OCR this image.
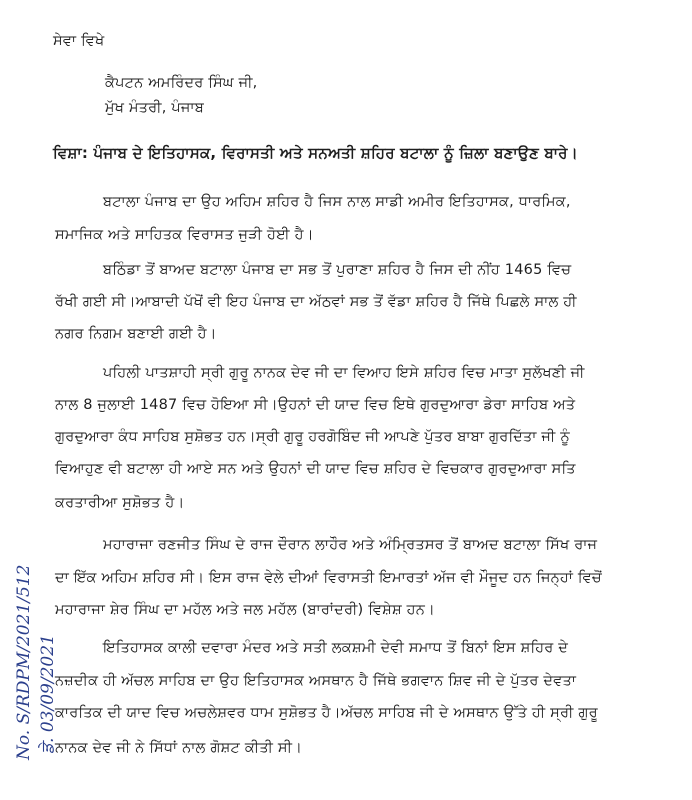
ਸੇਵਾ ਵਿਖੇ
ਕੈਪਟਨ ਅਮਰਿੰਦਰ ਸਿੰਘ ਜੀ,
ਮੁੱਖ ਮੰਤਰੀ, ਪੰਜਾਬ
ਵਿਸ਼ਾ: ਪੰਜਾਬ ਦੇ ਇਤਿਹਾਸਕ, ਵਿਰਾਸਤੀ ਅਤੇ ਸਨਅਤੀ ਸ਼ਹਿਰ ਬਟਾਲਾ ਨੂੰ ਜ਼ਿਲਾ ਬਣਾਉਣ ਬਾਰੇ।
ਬਟਾਲਾ ਪੰਜਾਬ ਦਾ ਉਹ ਅਹਿਮ ਸ਼ਹਿਰ ਹੈ ਜਿਸ ਨਾਲ ਸਾਡੀ ਅਮੀਰ ਇਤਿਹਾਸਕ, ਧਾਰਮਿਕ,
ਸਮਾਜਿਕ ਅਤੇ ਸਾਹਿਤਕ ਵਿਰਾਸਤ ਜੁੜੀ ਹੋਈ ਹੈ।
ਬਠਿੰਡਾ ਤੋਂ ਬਾਅਦ ਬਟਾਲਾ ਪੰਜਾਬ ਦਾ ਸਭ ਤੋਂ ਪੁਰਾਣਾ ਸ਼ਹਿਰ ਹੈ ਜਿਸ ਦੀ ਨੀਂਹ 1465 ਵਿਚ
ਰੱਖੀ ਗਈ ਸੀ।ਆਬਾਦੀ ਪੱਖੋਂ ਵੀ ਇਹ ਪੰਜਾਬ ਦਾ ਅੱਠਵਾਂ ਸਭ ਤੋਂ ਵੱਡਾ ਸ਼ਹਿਰ ਹੈ ਜਿੱਥੇ ਪਿਛਲੇ ਸਾਲ ਹੀ
ਨਗਰ ਨਿਗਮ ਬਣਾਈ ਗਈ ਹੈ।
ਪਹਿਲੀ ਪਾਤਸ਼ਾਹੀ ਸ੍ਰੀ ਗੁਰੂ ਨਾਨਕ ਦੇਵ ਜੀ ਦਾ ਵਿਆਹ ਇਸੇ ਸ਼ਹਿਰ ਵਿਚ ਮਾਤਾ ਸੁਲੱਖਣੀ ਜੀ
ਨਾਲ 8 ਜੁਲਾਈ 1487 ਵਿਚ ਹੋਇਆ ਸੀ।ਉਹਨਾਂ ਦੀ ਯਾਦ ਵਿਚ ਇਥੇ ਗੁਰਦੁਆਰਾ ਡੇਰਾ ਸਾਹਿਬ ਅਤੇ
ਗੁਰਦੁਆਰਾ ਕੰਧ ਸਾਹਿਬ ਸੁਸ਼ੋਭਤ ਹਨ।ਸ੍ਰੀ ਗੁਰੂ ਹਰਗੋਬਿੰਦ ਜੀ ਆਪਣੇ ਪੁੱਤਰ ਬਾਬਾ ਗੁਰਦਿੱਤਾ ਜੀ ਨੂੰ
ਵਿਆਹੁਣ ਵੀ ਬਟਾਲਾ ਹੀ ਆਏ ਸਨ ਅਤੇ ਉਹਨਾਂ ਦੀ ਯਾਦ ਵਿਚ ਸ਼ਹਿਰ ਦੇ ਵਿਚਕਾਰ ਗੁਰਦੁਆਰਾ ਸਤਿ
ਕਰਤਾਰੀਆ ਸੁਸ਼ੋਭਤ ਹੈ।
ਮਹਾਰਾਜਾ ਰਣਜੀਤ ਸਿੰਘ ਦੇ ਰਾਜ ਦੌਰਾਨ ਲਾਹੌਰ ਅਤੇ ਅੰਮ੍ਰਿਤਸਰ ਤੋਂ ਬਾਅਦ ਬਟਾਲਾ ਸਿੱਖ ਰਾਜ
ਦਾ ਇੱਕ ਅਹਿਮ ਸ਼ਹਿਰ ਸੀ। ਇਸ ਰਾਜ ਵੇਲੇ ਦੀਆਂ ਵਿਰਾਸਤੀ ਇਮਾਰਤਾਂ ਅੱਜ ਵੀ ਮੌਜੂਦ ਹਨ ਜਿਨ੍ਹਾਂ ਵਿਚੋਂ
ਮਹਾਰਾਜਾ ਸ਼ੇਰ ਸਿੰਘ ਦਾ ਮਹੱਲ ਅਤੇ ਜਲ ਮਹੱਲ (ਬਾਰਾਂਦਰੀ) ਵਿਸ਼ੇਸ਼ ਹਨ।
ਇਤਿਹਾਸਕ ਕਾਲੀ ਦਵਾਰਾ ਮੰਦਰ ਅਤੇ ਸਤੀ ਲਕਸ਼ਮੀ ਦੇਵੀ ਸਮਾਧ ਤੋਂ ਬਿਨਾਂ ਇਸ ਸ਼ਹਿਰ ਦੇ
ਨਜ਼ਦੀਕ ਹੀ ਅੱਚਲ ਸਾਹਿਬ ਦਾ ਉਹ ਇਤਿਹਾਸਕ ਅਸਥਾਨ ਹੈ ਜਿੱਥੇ ਭਗਵਾਨ ਸ਼ਿਵ ਜੀ ਦੇ ਪੁੱਤਰ ਦੇਵਤਾ
ਕਾਰਤਿਕ ਦੀ ਯਾਦ ਵਿਚ ਅਚਲੇਸ਼ਵਰ ਧਾਮ ਸੁਸ਼ੋਭਤ ਹੈ।ਅੱਚਲ ਸਾਹਿਬ ਜੀ ਦੇ ਅਸਥਾਨ ਉੱਤੇ ਹੀ ਸ੍ਰੀ ਗੁਰੂ
ਨਾਨਕ ਦੇਵ ਜੀ ਨੇ ਸਿੱਧਾਂ ਨਾਲ ਗੋਸ਼ਟ ਕੀਤੀ ਸੀ।
No. S/RDPM/2021/512 ਡੇ. 03/09/2021
